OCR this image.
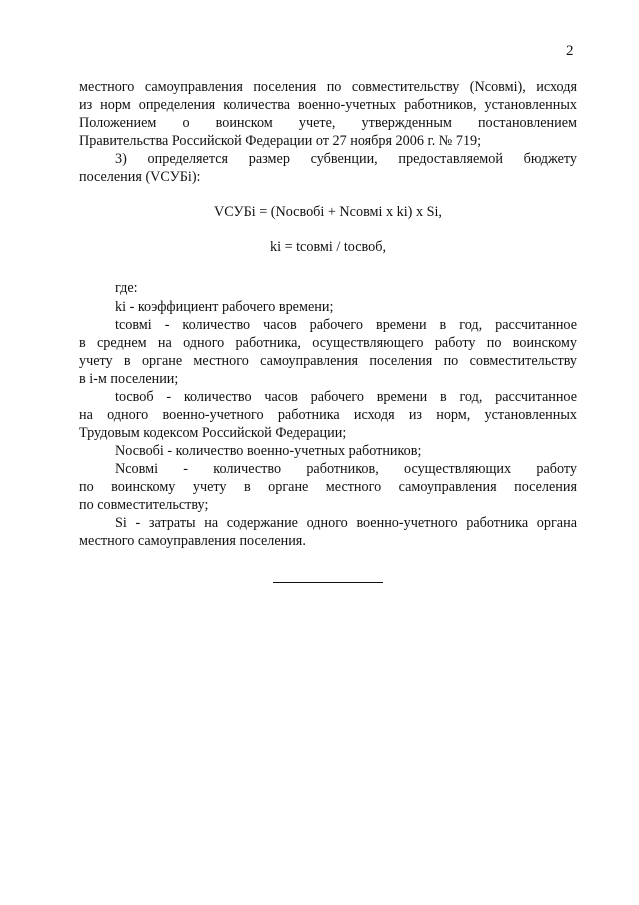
2
местного самоуправления поселения по совместительству (Nсовмi), исходя
из норм определения количества военно-учетных работников, установленных
Положением о воинском учете, утвержденным постановлением
Правительства Российской Федерации от 27 ноября 2006 г. № 719;
3) определяется размер субвенции, предоставляемой бюджету
поселения (VСУБi):
VСУБi = (Nосвобi + Nсовмi x ki) x Si,
ki = tсовмi / tосвоб,
где:
ki - коэффициент рабочего времени;
tсовмi - количество часов рабочего времени в год, рассчитанное
в среднем на одного работника, осуществляющего работу по воинскому
учету в органе местного самоуправления поселения по совместительству
в i-м поселении;
tосвоб - количество часов рабочего времени в год, рассчитанное
на одного военно-учетного работника исходя из норм, установленных
Трудовым кодексом Российской Федерации;
Nосвобi - количество военно-учетных работников;
Nсовмi - количество работников, осуществляющих работу
по воинскому учету в органе местного самоуправления поселения
по совместительству;
Si - затраты на содержание одного военно-учетного работника органа
местного самоуправления поселения.
